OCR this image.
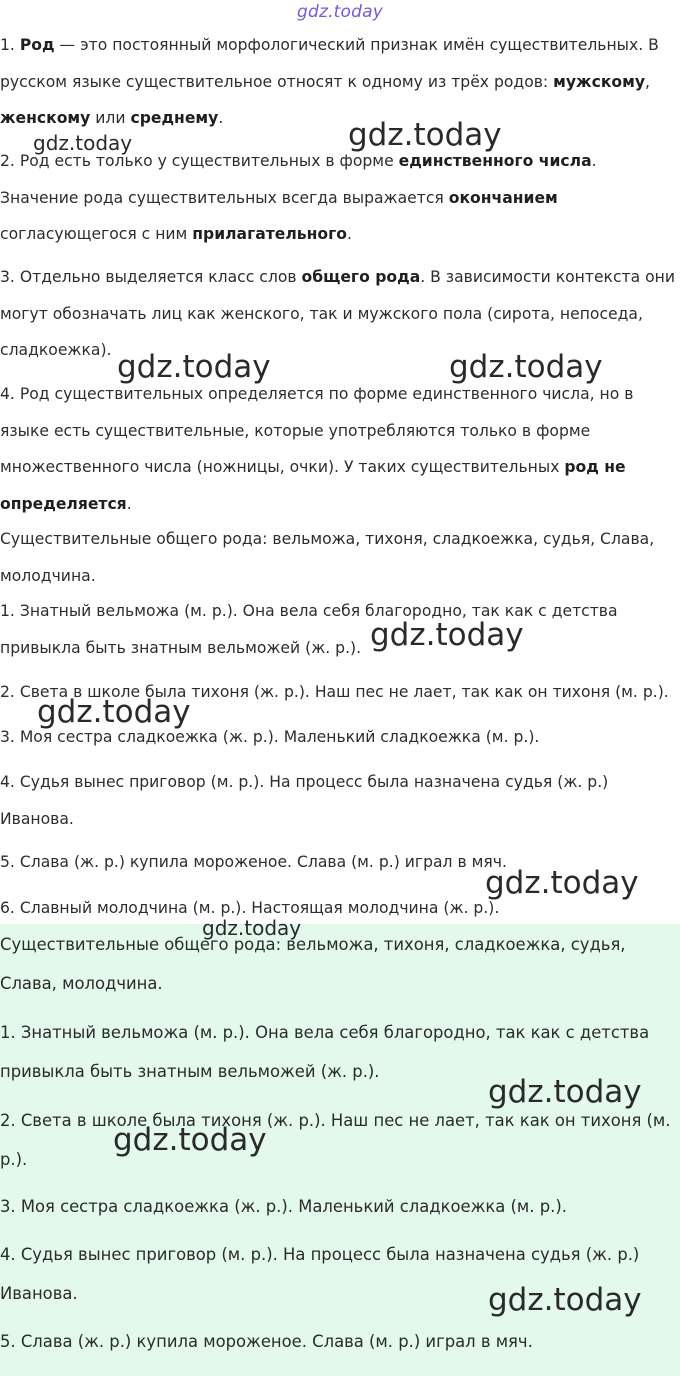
gdz.today

1. Род — это постоянный морфологический признак имён существительных. В русском языке существительное относят к одному из трёх родов: мужскому, женскому или среднему.

2. Род есть только у существительных в форме единственного числа. Значение рода существительных всегда выражается окончанием согласующегося с ним прилагательного.

3. Отдельно выделяется класс слов общего рода. В зависимости контекста они могут обозначать лиц как женского, так и мужского пола (сирота, непоседа, сладкоежка).

4. Род существительных определяется по форме единственного числа, но в языке есть существительные, которые употребляются только в форме множественного числа (ножницы, очки). У таких существительных род не определяется.

Существительные общего рода: вельможа, тихоня, сладкоежка, судья, Слава, молодчина.

1. Знатный вельможа (м. р.). Она вела себя благородно, так как с детства привыкла быть знатным вельможей (ж. р.).

2. Света в школе была тихоня (ж. р.). Наш пес не лает, так как он тихоня (м. р.).

3. Моя сестра сладкоежка (ж. р.). Маленький сладкоежка (м. р.).

4. Судья вынес приговор (м. р.). На процесс была назначена судья (ж. р.) Иванова.

5. Слава (ж. р.) купила мороженое. Слава (м. р.) играл в мяч.

6. Славный молодчина (м. р.). Настоящая молодчина (ж. р.).

Существительные общего рода: вельможа, тихоня, сладкоежка, судья, Слава, молодчина.

1. Знатный вельможа (м. р.). Она вела себя благородно, так как с детства привыкла быть знатным вельможей (ж. р.).

2. Света в школе была тихоня (ж. р.). Наш пес не лает, так как он тихоня (м. р.).

3. Моя сестра сладкоежка (ж. р.). Маленький сладкоежка (м. р.).

4. Судья вынес приговор (м. р.). На процесс была назначена судья (ж. р.) Иванова.

5. Слава (ж. р.) купила мороженое. Слава (м. р.) играл в мяч.

gdz.today	gdz.today
gdz.today	gdz.today
gdz.today
gdz.today
gdz.today
gdz.today
gdz.today
gdz.today
gdz.today
